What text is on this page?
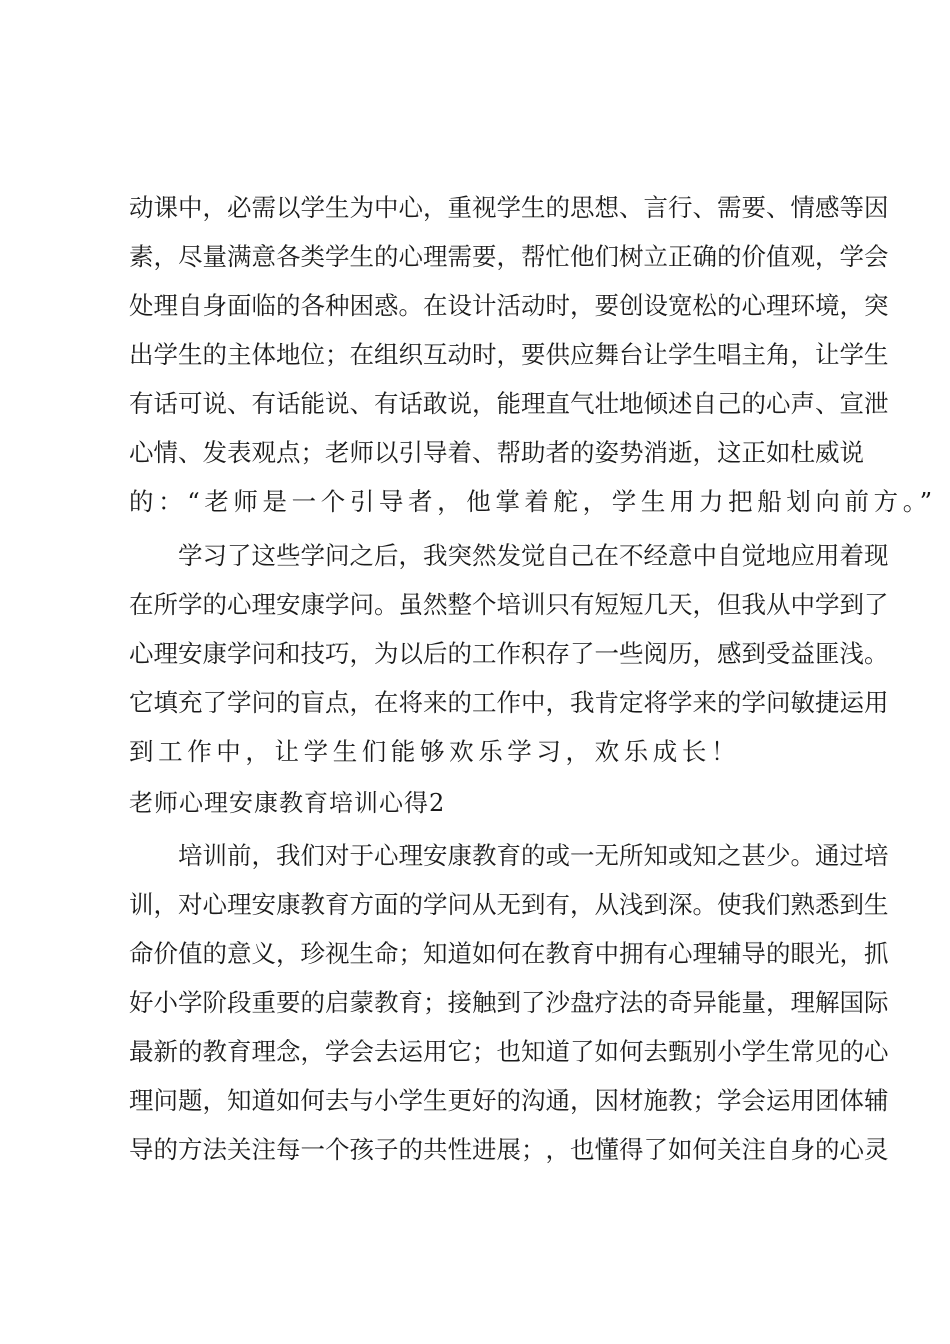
动 课 中 ， 必 需 以 学 生 为 中 心 ， 重 视 学 生 的 思 想 、 言 行 、 需 要 、 情 感 等 因
素 ， 尽 量 满 意 各 类 学 生 的 心 理 需 要 ， 帮 忙 他 们 树 立 正 确 的 价 值 观 ， 学 会
处 理 自 身 面 临 的 各 种 困 惑 。 在 设 计 活 动 时 ， 要 创 设 宽 松 的 心 理 环 境 ， 突
出 学 生 的 主 体 地 位 ； 在 组 织 互 动 时 ， 要 供 应 舞 台 让 学 生 唱 主 角 ， 让 学 生
有 话 可 说 、 有 话 能 说 、 有 话 敢 说 ， 能 理 直 气 壮 地 倾 述 自 己 的 心 声 、 宣 泄
心 情 、 发 表 观 点 ； 老 师 以 引 导 着 、 帮 助 者 的 姿 势 消 逝 ， 这 正 如 杜 威 说
的：“老师是一个引导者，他掌着舵，学生用力把船划向前方。”
学 习 了 这 些 学 问 之 后 ， 我 突 然 发 觉 自 己 在 不 经 意 中 自 觉 地 应 用 着 现
在 所 学 的 心 理 安 康 学 问 。 虽 然 整 个 培 训 只 有 短 短 几 天 ， 但 我 从 中 学 到 了
心 理 安 康 学 问 和 技 巧 ， 为 以 后 的 工 作 积 存 了 一 些 阅 历 ， 感 到 受 益 匪 浅 。
它 填 充 了 学 问 的 盲 点 ， 在 将 来 的 工 作 中 ， 我 肯 定 将 学 来 的 学 问 敏 捷 运 用
到工作中，让学生们能够欢乐学习，欢乐成长！
老师心理安康教育培训心得2
培 训 前 ， 我 们 对 于 心 理 安 康 教 育 的 或 一 无 所 知 或 知 之 甚 少 。 通 过 培
训 ， 对 心 理 安 康 教 育 方 面 的 学 问 从 无 到 有 ， 从 浅 到 深 。 使 我 们 熟 悉 到 生
命 价 值 的 意 义 ， 珍 视 生 命 ； 知 道 如 何 在 教 育 中 拥 有 心 理 辅 导 的 眼 光 ， 抓
好 小 学 阶 段 重 要 的 启 蒙 教 育 ； 接 触 到 了 沙 盘 疗 法 的 奇 异 能 量 ， 理 解 国 际
最 新 的 教 育 理 念 ， 学 会 去 运 用 它 ； 也 知 道 了 如 何 去 甄 别 小 学 生 常 见 的 心
理 问 题 ， 知 道 如 何 去 与 小 学 生 更 好 的 沟 通 ， 因 材 施 教 ； 学 会 运 用 团 体 辅
导 的 方 法 关 注 每 一 个 孩 子 的 共 性 进 展 ； ， 也 懂 得 了 如 何 关 注 自 身 的 心 灵
